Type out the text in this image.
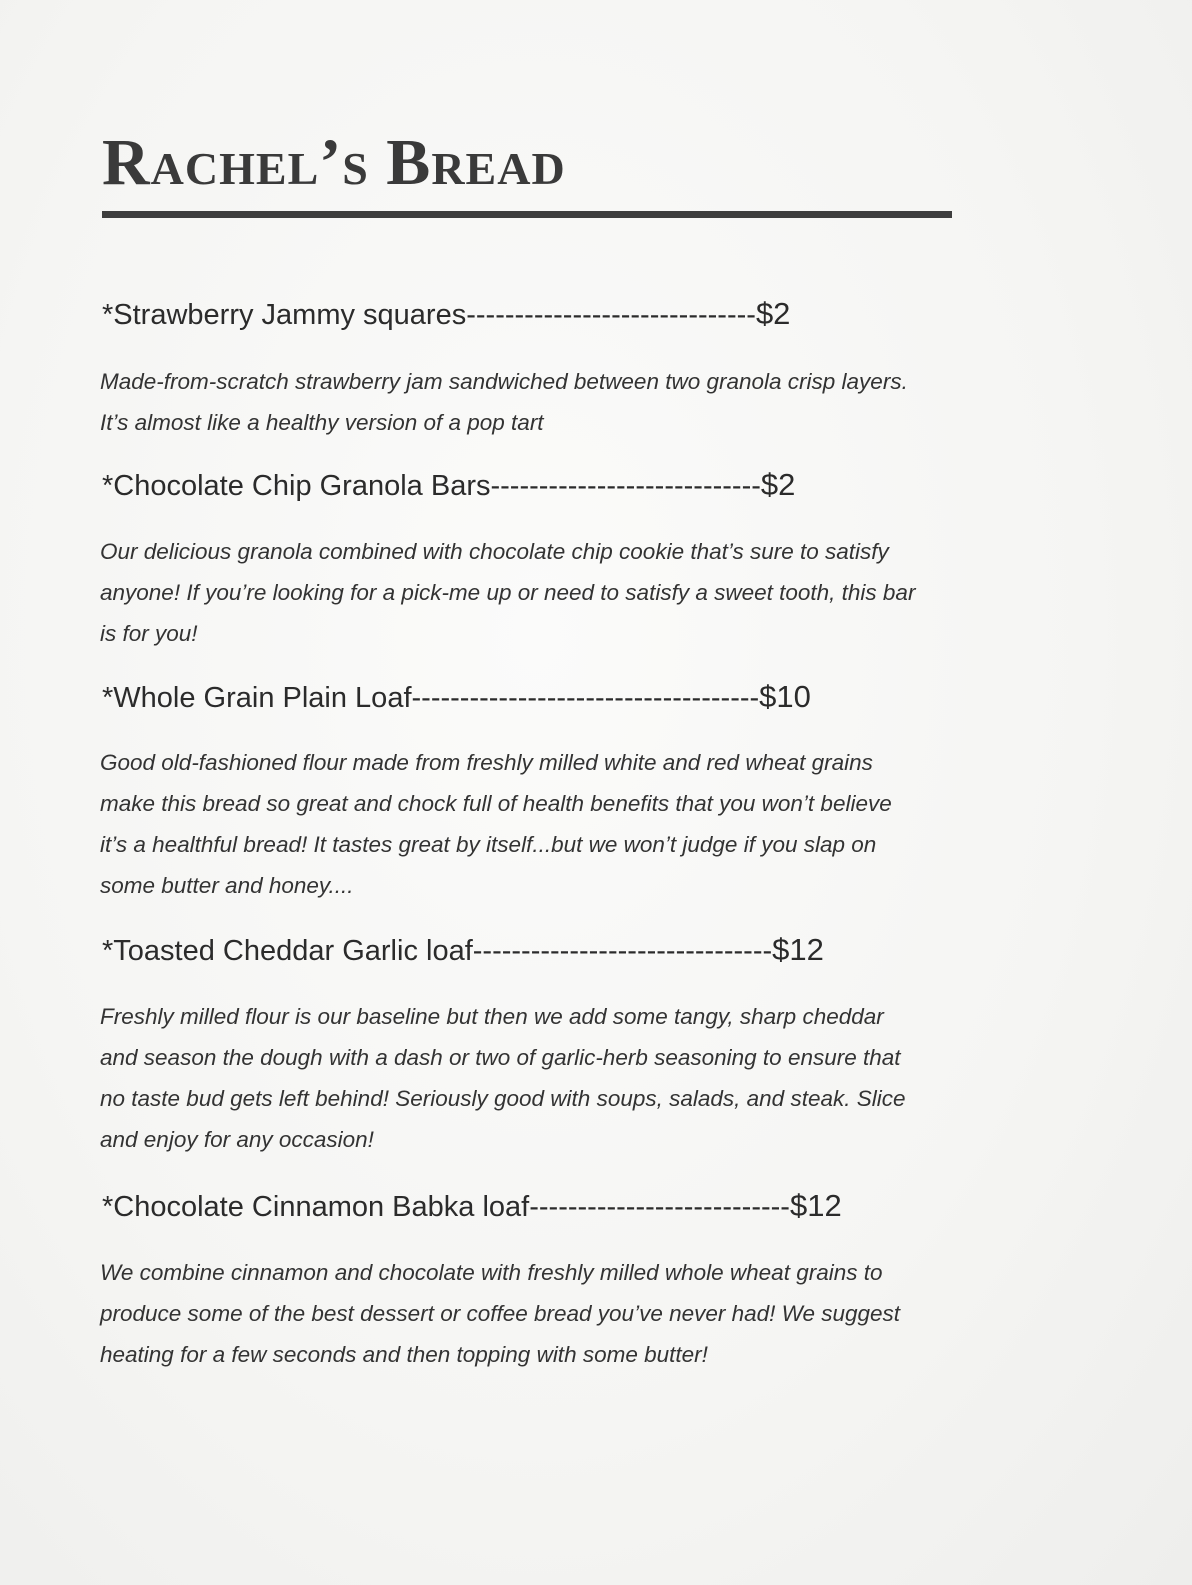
Rachel’s Bread
*Strawberry Jammy squares ------------------------------ $2

Made-from-scratch strawberry jam sandwiched between two granola crisp layers.
It’s almost like a healthy version of a pop tart

*Chocolate Chip Granola Bars ---------------------------- $2

Our delicious granola combined with chocolate chip cookie that’s sure to satisfy
anyone! If you’re looking for a pick-me up or need to satisfy a sweet tooth, this bar
is for you!

*Whole Grain Plain Loaf ------------------------------------ $10

Good old-fashioned flour made from freshly milled white and red wheat grains
make this bread so great and chock full of health benefits that you won’t believe
it’s a healthful bread! It tastes great by itself...but we won’t judge if you slap on
some butter and honey....

*Toasted Cheddar Garlic loaf ------------------------------- $12

Freshly milled flour is our baseline but then we add some tangy, sharp cheddar
and season the dough with a dash or two of garlic-herb seasoning to ensure that
no taste bud gets left behind! Seriously good with soups, salads, and steak. Slice
and enjoy for any occasion!

*Chocolate Cinnamon Babka loaf --------------------------- $12

We combine cinnamon and chocolate with freshly milled whole wheat grains to
produce some of the best dessert or coffee bread you’ve never had! We suggest
heating for a few seconds and then topping with some butter!
